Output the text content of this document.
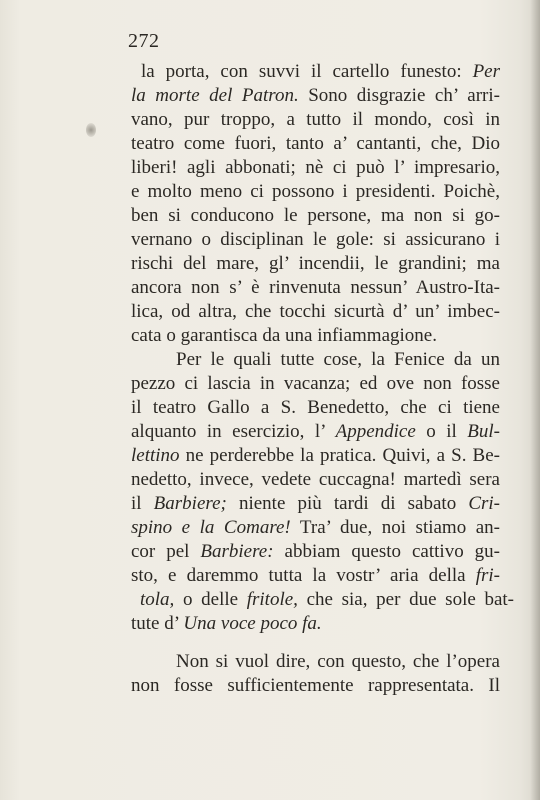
272
la porta, con suvvi il cartello funesto: Per
la morte del Patron. Sono disgrazie ch’ arri-
vano, pur troppo, a tutto il mondo, così in
teatro come fuori, tanto a’ cantanti, che, Dio
liberi! agli abbonati; nè ci può l’ impresario,
e molto meno ci possono i presidenti. Poichè,
ben si conducono le persone, ma non si go-
vernano o disciplinan le gole: si assicurano i
rischi del mare, gl’ incendii, le grandini; ma
ancora non s’ è rinvenuta nessun’ Austro-Ita-
lica, od altra, che tocchi sicurtà d’ un’ imbec-
cata o garantisca da una infiammagione.
Per le quali tutte cose, la Fenice da un
pezzo ci lascia in vacanza; ed ove non fosse
il teatro Gallo a S. Benedetto, che ci tiene
alquanto in esercizio, l’ Appendice o il Bul-
lettino ne perderebbe la pratica. Quivi, a S. Be-
nedetto, invece, vedete cuccagna! martedì sera
il Barbiere; niente più tardi di sabato Cri-
spino e la Comare! Tra’ due, noi stiamo an-
cor pel Barbiere: abbiam questo cattivo gu-
sto, e daremmo tutta la vostr’ aria della fri-
tola, o delle fritole, che sia, per due sole bat-
tute d’ Una voce poco fa.
Non si vuol dire, con questo, che l’opera
non fosse sufficientemente rappresentata. Il
